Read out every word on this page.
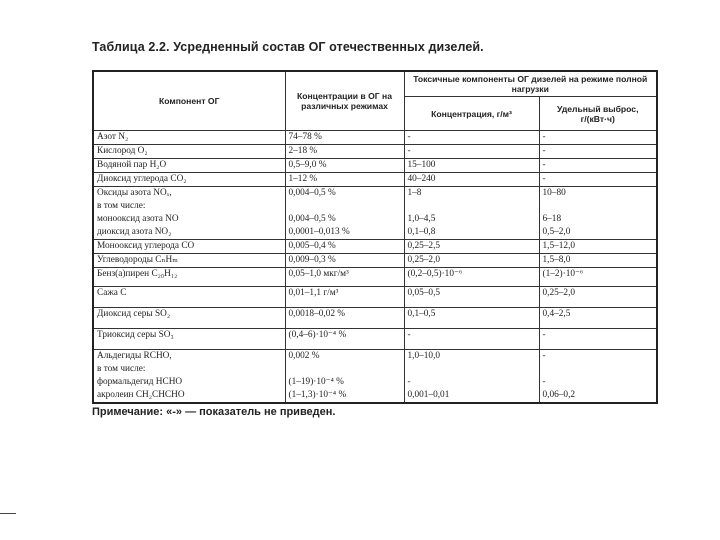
Таблица 2.2. Усредненный состав ОГ отечественных дизелей.
Компонент ОГ	Концентрации в ОГ на различных режимах	Токсичные компоненты ОГ дизелей на режиме полной нагрузки	
		Концентрация, г/м³	Удельный выброс, г/(кВт·ч)
Азот N₂	74–78 %	-	-
Кислород O₂	2–18 %	-	-
Водяной пар H₂O	0,5–9,0 %	15–100	-
Диоксид углерода CO₂	1–12 %	40–240	-
Оксиды азота NOₓ,	0,004–0,5 %	1–8	10–80
в том числе:			
монооксид азота NO	0,004–0,5 %	1,0–4,5	6–18
диоксид азота NO₂	0,0001–0,013 %	0,1–0,8	0,5–2,0
Монооксид углерода CO	0,005–0,4 %	0,25–2,5	1,5–12,0
Углеводороды CₙHₘ	0,009–0,3 %	0,25–2,0	1,5–8,0
Бенз(а)пирен C₂₀H₁₂	0,05–1,0 мкг/м³	(0,2–0,5)·10⁻⁶	(1–2)·10⁻⁶
Сажа C	0,01–1,1 г/м³	0,05–0,5	0,25–2,0
Диоксид серы SO₂	0,0018–0,02 %	0,1–0,5	0,4–2,5
Триоксид серы SO₃	(0,4–6)·10⁻⁴ %	-	-
Альдегиды RCHO,	0,002 %	1,0–10,0	-
в том числе:			
формальдегид HCHO	(1–19)·10⁻⁴ %	-	-
акролеин CH₂CHCHO	(1–1,3)·10⁻⁴ %	0,001–0,01	0,06–0,2
Примечание: «-» — показатель не приведен.
